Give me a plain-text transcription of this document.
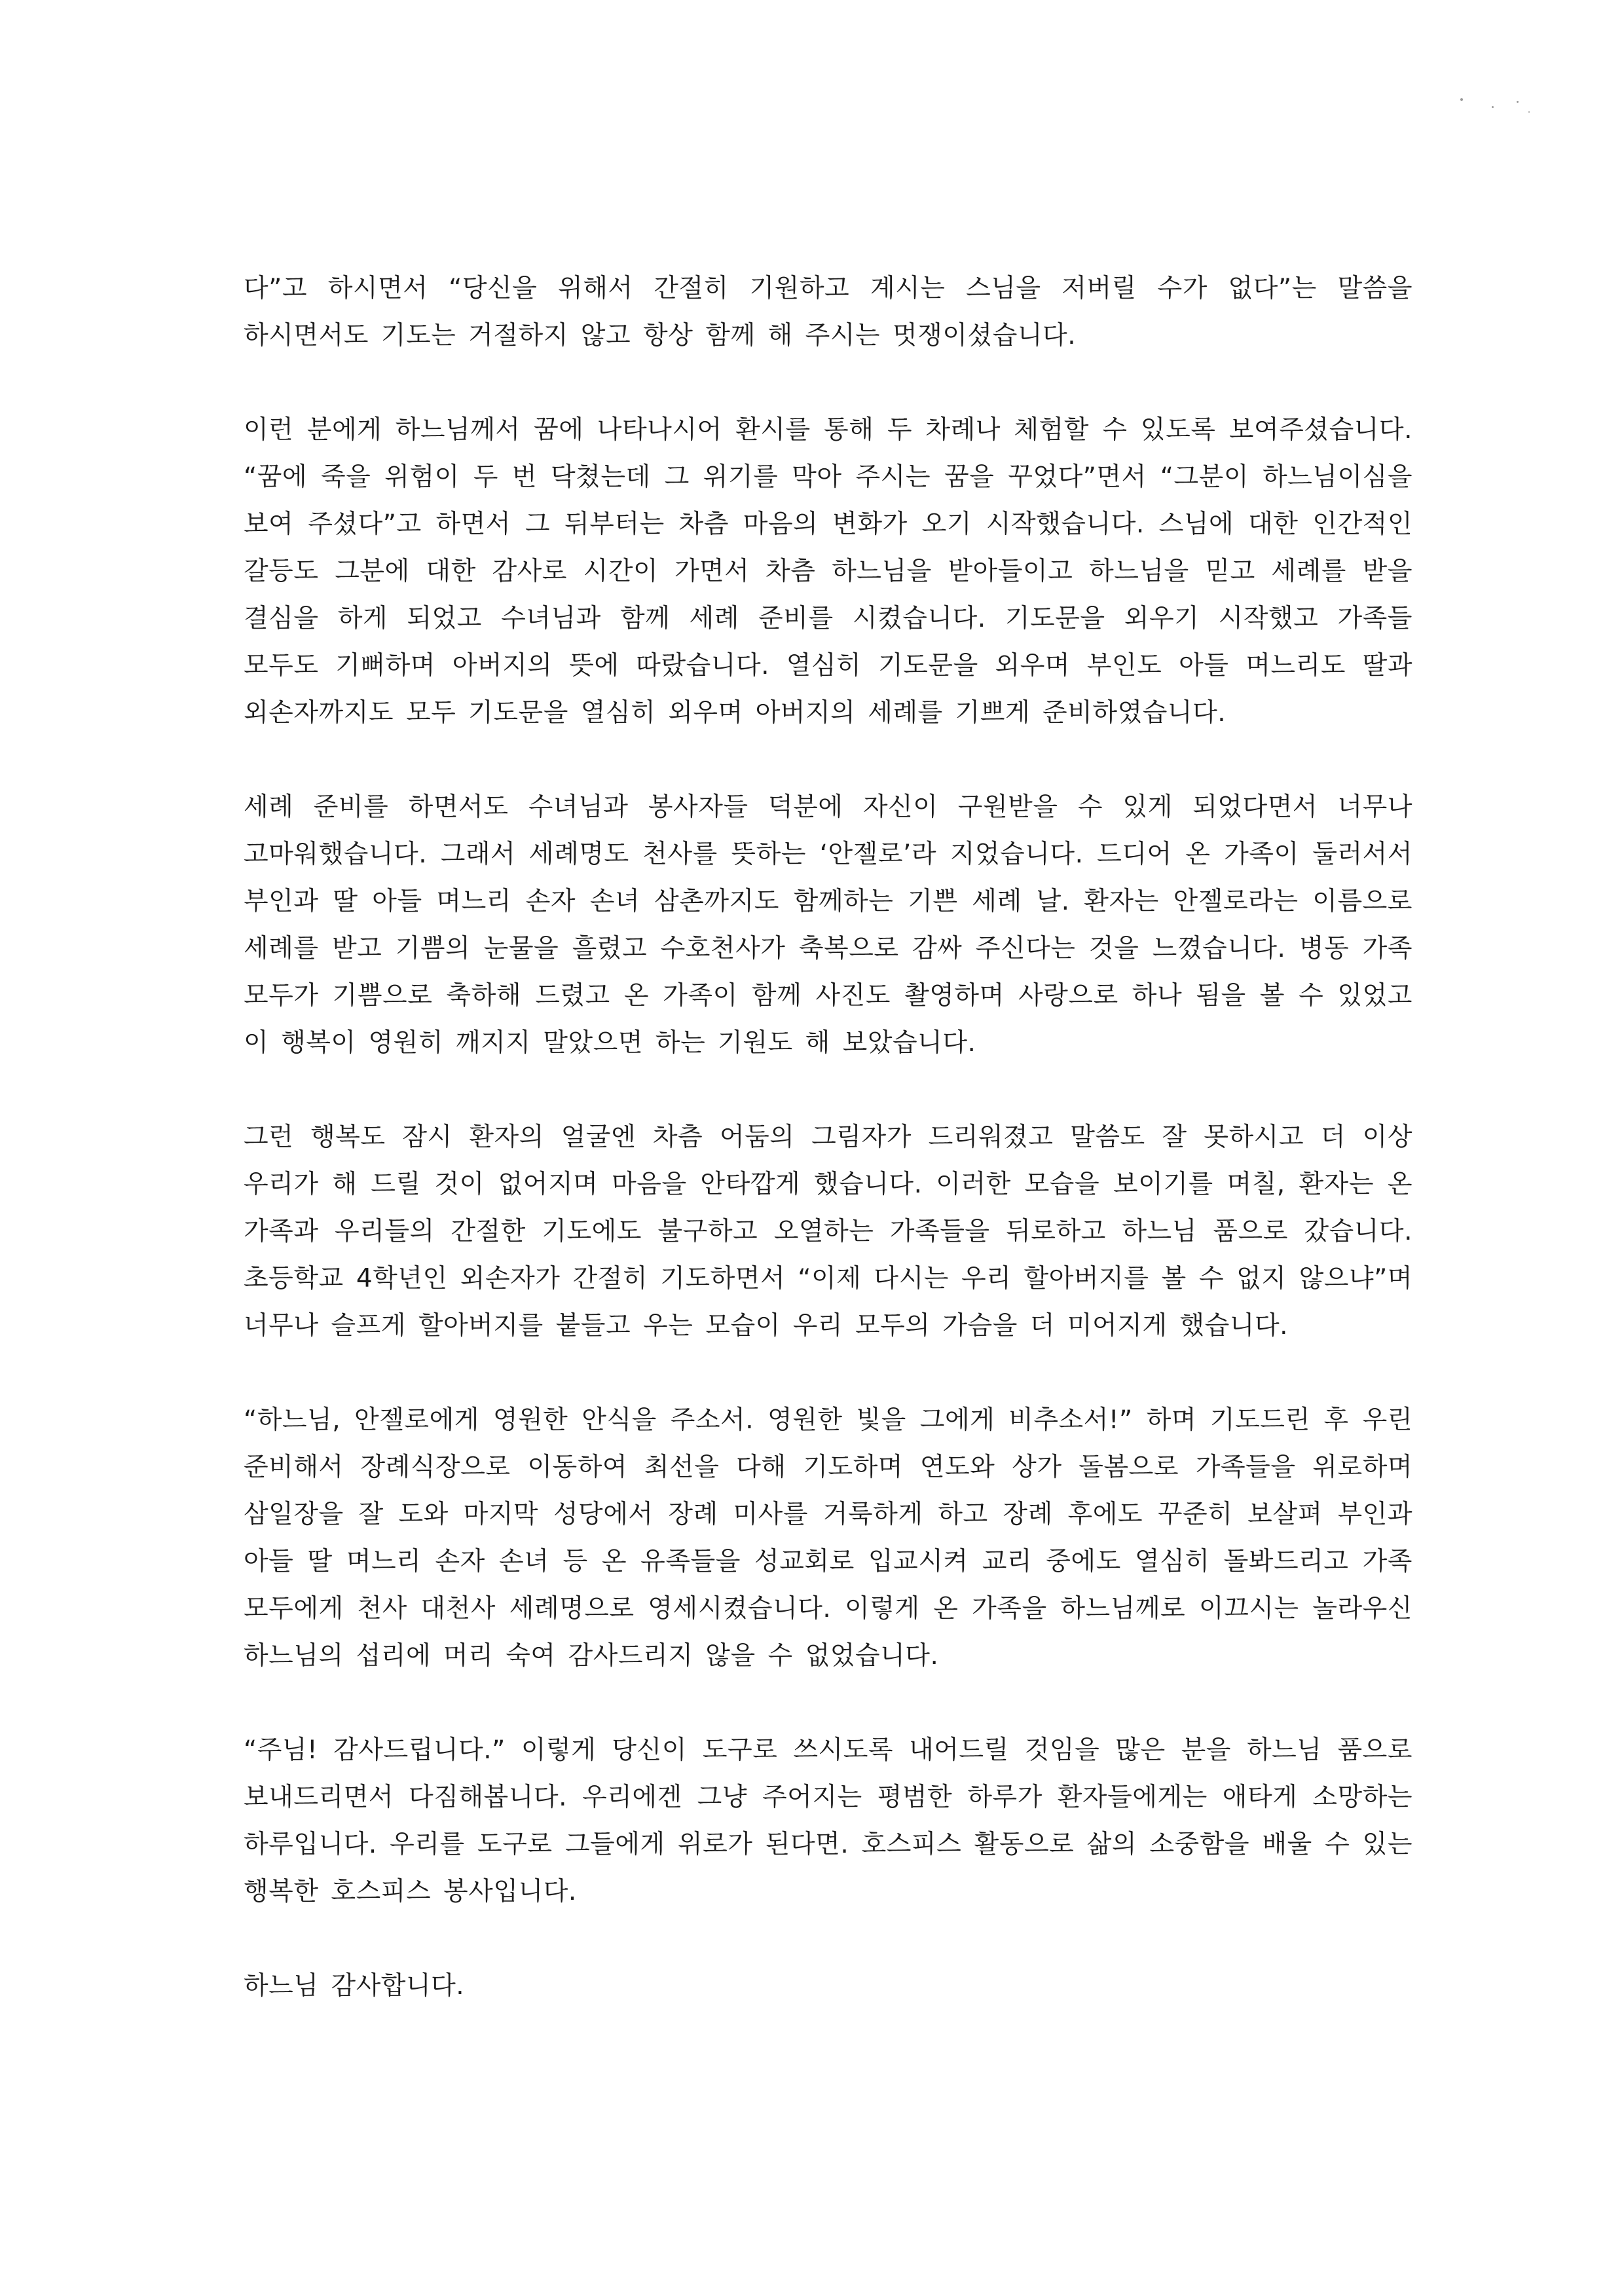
다”고 하시면서 “당신을 위해서 간절히 기원하고 계시는 스님을 저버릴 수가 없다”는 말씀을 하시면서도 기도는 거절하지 않고 항상 함께 해 주시는 멋쟁이셨습니다.

이런 분에게 하느님께서 꿈에 나타나시어 환시를 통해 두 차례나 체험할 수 있도록 보여주셨습니다. “꿈에 죽을 위험이 두 번 닥쳤는데 그 위기를 막아 주시는 꿈을 꾸었다”면서 “그분이 하느님이심을 보여 주셨다”고 하면서 그 뒤부터는 차츰 마음의 변화가 오기 시작했습니다. 스님에 대한 인간적인 갈등도 그분에 대한 감사로 시간이 가면서 차츰 하느님을 받아들이고 하느님을 믿고 세례를 받을 결심을 하게 되었고 수녀님과 함께 세례 준비를 시켰습니다. 기도문을 외우기 시작했고 가족들 모두도 기뻐하며 아버지의 뜻에 따랐습니다. 열심히 기도문을 외우며 부인도 아들 며느리도 딸과 외손자까지도 모두 기도문을 열심히 외우며 아버지의 세례를 기쁘게 준비하였습니다.

세례 준비를 하면서도 수녀님과 봉사자들 덕분에 자신이 구원받을 수 있게 되었다면서 너무나 고마워했습니다. 그래서 세례명도 천사를 뜻하는 ‘안젤로’라 지었습니다. 드디어 온 가족이 둘러서서 부인과 딸 아들 며느리 손자 손녀 삼촌까지도 함께하는 기쁜 세례 날. 환자는 안젤로라는 이름으로 세례를 받고 기쁨의 눈물을 흘렸고 수호천사가 축복으로 감싸 주신다는 것을 느꼈습니다. 병동 가족 모두가 기쁨으로 축하해 드렸고 온 가족이 함께 사진도 촬영하며 사랑으로 하나 됨을 볼 수 있었고 이 행복이 영원히 깨지지 말았으면 하는 기원도 해 보았습니다.

그런 행복도 잠시 환자의 얼굴엔 차츰 어둠의 그림자가 드리워졌고 말씀도 잘 못하시고 더 이상 우리가 해 드릴 것이 없어지며 마음을 안타깝게 했습니다. 이러한 모습을 보이기를 며칠, 환자는 온 가족과 우리들의 간절한 기도에도 불구하고 오열하는 가족들을 뒤로하고 하느님 품으로 갔습니다. 초등학교 4학년인 외손자가 간절히 기도하면서 “이제 다시는 우리 할아버지를 볼 수 없지 않으냐”며 너무나 슬프게 할아버지를 붙들고 우는 모습이 우리 모두의 가슴을 더 미어지게 했습니다.

“하느님, 안젤로에게 영원한 안식을 주소서. 영원한 빛을 그에게 비추소서!” 하며 기도드린 후 우린 준비해서 장례식장으로 이동하여 최선을 다해 기도하며 연도와 상가 돌봄으로 가족들을 위로하며 삼일장을 잘 도와 마지막 성당에서 장례 미사를 거룩하게 하고 장례 후에도 꾸준히 보살펴 부인과 아들 딸 며느리 손자 손녀 등 온 유족들을 성교회로 입교시켜 교리 중에도 열심히 돌봐드리고 가족 모두에게 천사 대천사 세례명으로 영세시켰습니다. 이렇게 온 가족을 하느님께로 이끄시는 놀라우신 하느님의 섭리에 머리 숙여 감사드리지 않을 수 없었습니다.

“주님! 감사드립니다.” 이렇게 당신이 도구로 쓰시도록 내어드릴 것임을 많은 분을 하느님 품으로 보내드리면서 다짐해봅니다. 우리에겐 그냥 주어지는 평범한 하루가 환자들에게는 애타게 소망하는 하루입니다. 우리를 도구로 그들에게 위로가 된다면. 호스피스 활동으로 삶의 소중함을 배울 수 있는 행복한 호스피스 봉사입니다.

하느님 감사합니다.
